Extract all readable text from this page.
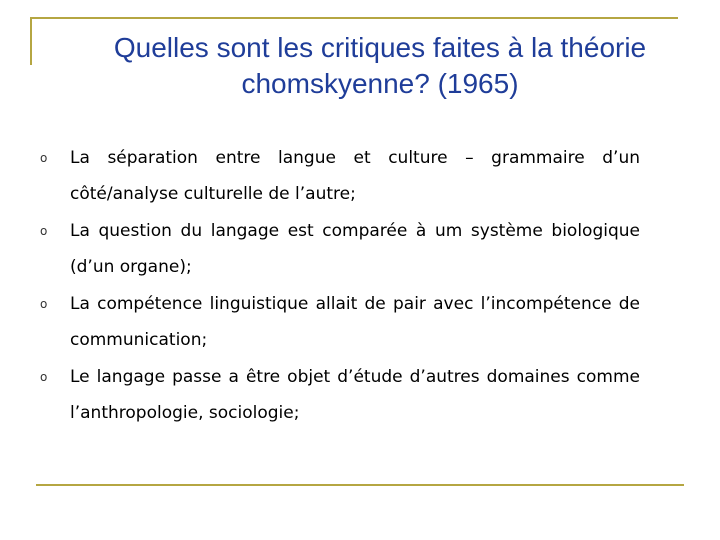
Quelles sont les critiques faites à la théorie chomskyenne? (1965)
o	La séparation entre langue et culture – grammaire d’un côté/analyse culturelle de l’autre;
o	La question du langage est comparée à um système biologique (d’un organe);
o	La compétence linguistique allait de pair avec l’incompétence de communication;
o	Le langage passe a être objet d’étude d’autres domaines comme l’anthropologie, sociologie;
